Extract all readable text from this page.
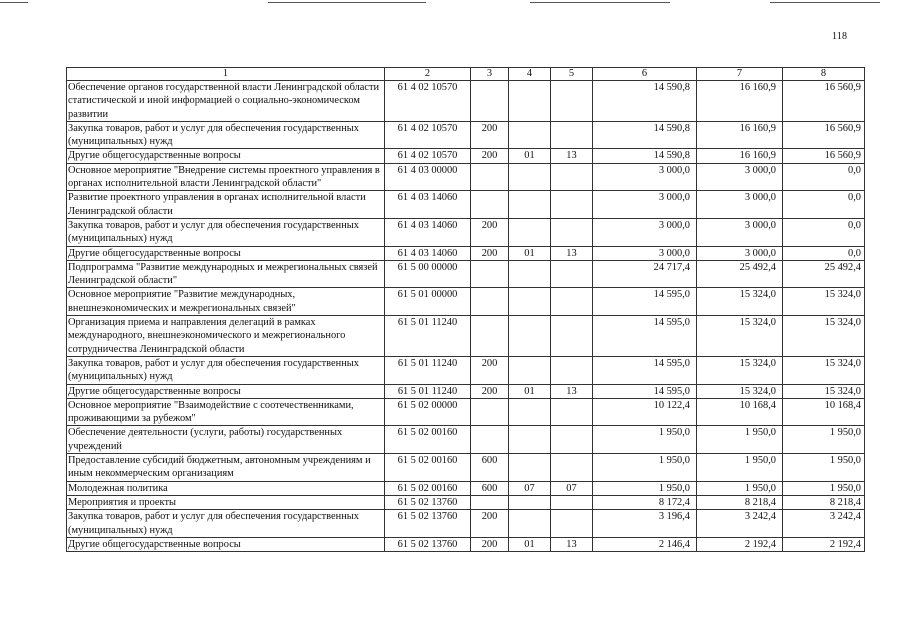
118
1	2	3	4	5	6	7	8
Обеспечение органов государственной власти Ленинградской области статистической и иной информацией о социально-экономическом развитии	61 4 02 10570				14 590,8	16 160,9	16 560,9
Закупка товаров, работ и услуг для обеспечения государственных (муниципальных) нужд	61 4 02 10570	200			14 590,8	16 160,9	16 560,9
Другие общегосударственные вопросы	61 4 02 10570	200	01	13	14 590,8	16 160,9	16 560,9
Основное мероприятие "Внедрение системы проектного управления в органах исполнительной власти Ленинградской области"	61 4 03 00000				3 000,0	3 000,0	0,0
Развитие проектного управления в органах исполнительной власти Ленинградской области	61 4 03 14060				3 000,0	3 000,0	0,0
Закупка товаров, работ и услуг для обеспечения государственных (муниципальных) нужд	61 4 03 14060	200			3 000,0	3 000,0	0,0
Другие общегосударственные вопросы	61 4 03 14060	200	01	13	3 000,0	3 000,0	0,0
Подпрограмма "Развитие международных и межрегиональных связей Ленинградской области"	61 5 00 00000				24 717,4	25 492,4	25 492,4
Основное мероприятие "Развитие международных, внешнеэкономических и межрегиональных связей"	61 5 01 00000				14 595,0	15 324,0	15 324,0
Организация приема и направления делегаций в рамках международного, внешнеэкономического и межрегионального сотрудничества Ленинградской области	61 5 01 11240				14 595,0	15 324,0	15 324,0
Закупка товаров, работ и услуг для обеспечения государственных (муниципальных) нужд	61 5 01 11240	200			14 595,0	15 324,0	15 324,0
Другие общегосударственные вопросы	61 5 01 11240	200	01	13	14 595,0	15 324,0	15 324,0
Основное мероприятие "Взаимодействие с соотечественниками, проживающими за рубежом"	61 5 02 00000				10 122,4	10 168,4	10 168,4
Обеспечение деятельности (услуги, работы) государственных учреждений	61 5 02 00160				1 950,0	1 950,0	1 950,0
Предоставление субсидий бюджетным, автономным учреждениям и иным некоммерческим организациям	61 5 02 00160	600			1 950,0	1 950,0	1 950,0
Молодежная политика	61 5 02 00160	600	07	07	1 950,0	1 950,0	1 950,0
Мероприятия и проекты	61 5 02 13760				8 172,4	8 218,4	8 218,4
Закупка товаров, работ и услуг для обеспечения государственных (муниципальных) нужд	61 5 02 13760	200			3 196,4	3 242,4	3 242,4
Другие общегосударственные вопросы	61 5 02 13760	200	01	13	2 146,4	2 192,4	2 192,4
